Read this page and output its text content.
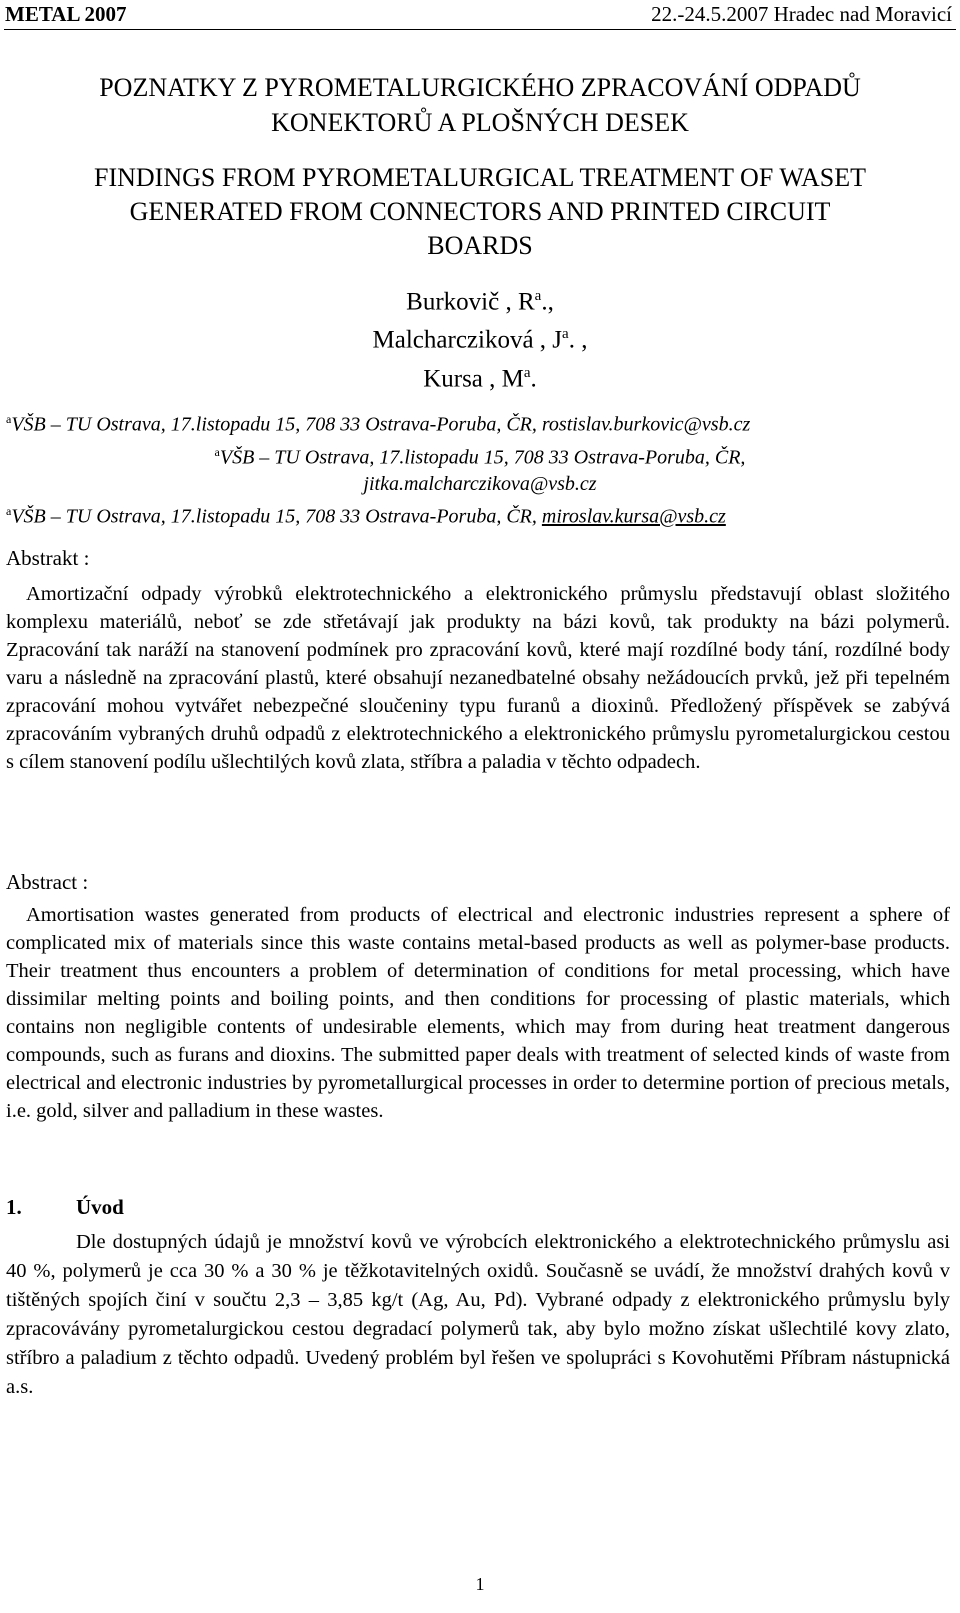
METAL 2007	22.-24.5.2007 Hradec nad Moravicí
POZNATKY Z PYROMETALURGICKÉHO ZPRACOVÁNÍ ODPADŮ
KONEKTORŮ A PLOŠNÝCH DESEK
FINDINGS FROM PYROMETALURGICAL TREATMENT OF WASET
GENERATED FROM CONNECTORS AND PRINTED CIRCUIT
BOARDS
Burkovič , $R^a$.,
Malcharcziková , $J^a$. ,
Kursa , $M^a$.
$^a$VŠB – TU Ostrava, 17.listopadu 15, 708 33 Ostrava-Poruba, ČR, rostislav.burkovic@vsb.cz
$^a$VŠB – TU Ostrava, 17.listopadu 15, 708 33 Ostrava-Poruba, ČR,
jitka.malcharczikova@vsb.cz
$^a$VŠB – TU Ostrava, 17.listopadu 15, 708 33 Ostrava-Poruba, ČR, miroslav.kursa@vsb.cz
Abstrakt :
Amortizační odpady výrobků elektrotechnického a elektronického průmyslu představují oblast složitého komplexu materiálů, neboť se zde střetávají jak produkty na bázi kovů, tak produkty na bázi polymerů. Zpracování tak naráží na stanovení podmínek pro zpracování kovů, které mají rozdílné body tání, rozdílné body varu a následně na zpracování plastů, které obsahují nezanedbatelné obsahy nežádoucích prvků, jež při tepelném zpracování mohou vytvářet nebezpečné sloučeniny typu furanů a dioxinů. Předložený příspěvek se zabývá zpracováním vybraných druhů odpadů z elektrotechnického a elektronického průmyslu pyrometalurgickou cestou s cílem stanovení podílu ušlechtilých kovů zlata, stříbra a paladia v těchto odpadech.
Abstract :
Amortisation wastes generated from products of electrical and electronic industries represent a sphere of complicated mix of materials since this waste contains metal-based products as well as polymer-base products. Their treatment thus encounters a problem of determination of conditions for metal processing, which have dissimilar melting points and boiling points, and then conditions for processing of plastic materials, which contains non negligible contents of undesirable elements, which may from during heat treatment dangerous compounds, such as furans and dioxins. The submitted paper deals with treatment of selected kinds of waste from electrical and electronic industries by pyrometallurgical processes in order to determine portion of precious metals, i.e. gold, silver and palladium in these wastes.
1.	Úvod
Dle dostupných údajů je množství kovů ve výrobcích elektronického a elektrotechnického průmyslu asi 40 %, polymerů je cca 30 % a 30 % je těžkotavitelných oxidů. Současně se uvádí, že množství drahých kovů v tištěných spojích činí v součtu 2,3 – 3,85 kg/t (Ag, Au, Pd). Vybrané odpady z elektronického průmyslu byly zpracovávány pyrometalurgickou cestou degradací polymerů tak, aby bylo možno získat ušlechtilé kovy zlato, stříbro a paladium z těchto odpadů. Uvedený problém byl řešen ve spolupráci s Kovohutěmi Příbram nástupnická a.s.
1
